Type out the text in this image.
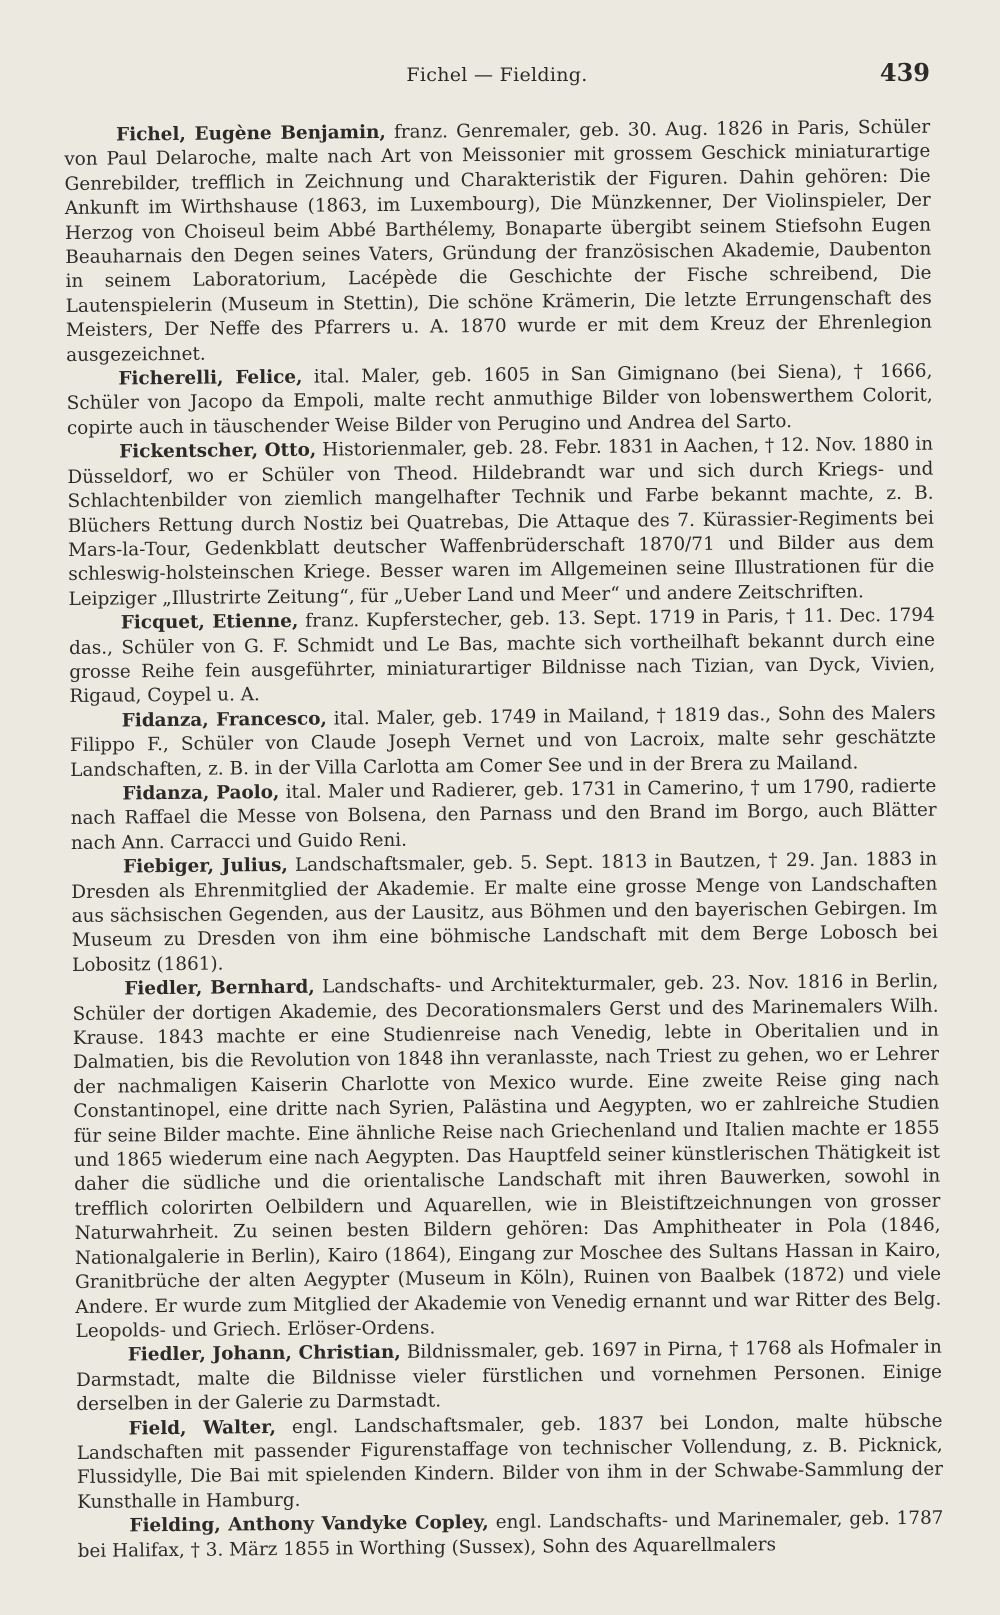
Fichel — Fielding.	439

Fichel, Eugène Benjamin, franz. Genremaler, geb. 30. Aug. 1826 in Paris, Schüler von Paul Delaroche, malte nach Art von Meissonier mit grossem Geschick miniaturartige Genrebilder, trefflich in Zeichnung und Charakteristik der Figuren. Dahin gehören: Die Ankunft im Wirthshause (1863, im Luxembourg), Die Münzkenner, Der Violinspieler, Der Herzog von Choiseul beim Abbé Barthélemy, Bonaparte übergibt seinem Stiefsohn Eugen Beauharnais den Degen seines Vaters, Gründung der französischen Akademie, Daubenton in seinem Laboratorium, Lacépède die Geschichte der Fische schreibend, Die Lautenspielerin (Museum in Stettin), Die schöne Krämerin, Die letzte Errungenschaft des Meisters, Der Neffe des Pfarrers u. A. 1870 wurde er mit dem Kreuz der Ehrenlegion ausgezeichnet.

Ficherelli, Felice, ital. Maler, geb. 1605 in San Gimignano (bei Siena), † 1666, Schüler von Jacopo da Empoli, malte recht anmuthige Bilder von lobenswerthem Colorit, copirte auch in täuschender Weise Bilder von Perugino und Andrea del Sarto.

Fickentscher, Otto, Historienmaler, geb. 28. Febr. 1831 in Aachen, † 12. Nov. 1880 in Düsseldorf, wo er Schüler von Theod. Hildebrandt war und sich durch Kriegs- und Schlachtenbilder von ziemlich mangelhafter Technik und Farbe bekannt machte, z. B. Blüchers Rettung durch Nostiz bei Quatrebas, Die Attaque des 7. Kürassier-Regiments bei Mars-la-Tour, Gedenkblatt deutscher Waffenbrüderschaft 1870/71 und Bilder aus dem schleswig-holsteinschen Kriege. Besser waren im Allgemeinen seine Illustrationen für die Leipziger „Illustrirte Zeitung“, für „Ueber Land und Meer“ und andere Zeitschriften.

Ficquet, Etienne, franz. Kupferstecher, geb. 13. Sept. 1719 in Paris, † 11. Dec. 1794 das., Schüler von G. F. Schmidt und Le Bas, machte sich vortheilhaft bekannt durch eine grosse Reihe fein ausgeführter, miniaturartiger Bildnisse nach Tizian, van Dyck, Vivien, Rigaud, Coypel u. A.

Fidanza, Francesco, ital. Maler, geb. 1749 in Mailand, † 1819 das., Sohn des Malers Filippo F., Schüler von Claude Joseph Vernet und von Lacroix, malte sehr geschätzte Landschaften, z. B. in der Villa Carlotta am Comer See und in der Brera zu Mailand.

Fidanza, Paolo, ital. Maler und Radierer, geb. 1731 in Camerino, † um 1790, radierte nach Raffael die Messe von Bolsena, den Parnass und den Brand im Borgo, auch Blätter nach Ann. Carracci und Guido Reni.

Fiebiger, Julius, Landschaftsmaler, geb. 5. Sept. 1813 in Bautzen, † 29. Jan. 1883 in Dresden als Ehrenmitglied der Akademie. Er malte eine grosse Menge von Landschaften aus sächsischen Gegenden, aus der Lausitz, aus Böhmen und den bayerischen Gebirgen. Im Museum zu Dresden von ihm eine böhmische Landschaft mit dem Berge Lobosch bei Lobositz (1861).

Fiedler, Bernhard, Landschafts- und Architekturmaler, geb. 23. Nov. 1816 in Berlin, Schüler der dortigen Akademie, des Decorationsmalers Gerst und des Marinemalers Wilh. Krause. 1843 machte er eine Studienreise nach Venedig, lebte in Oberitalien und in Dalmatien, bis die Revolution von 1848 ihn veranlasste, nach Triest zu gehen, wo er Lehrer der nachmaligen Kaiserin Charlotte von Mexico wurde. Eine zweite Reise ging nach Constantinopel, eine dritte nach Syrien, Palästina und Aegypten, wo er zahlreiche Studien für seine Bilder machte. Eine ähnliche Reise nach Griechenland und Italien machte er 1855 und 1865 wiederum eine nach Aegypten. Das Hauptfeld seiner künstlerischen Thätigkeit ist daher die südliche und die orientalische Landschaft mit ihren Bauwerken, sowohl in trefflich colorirten Oelbildern und Aquarellen, wie in Bleistiftzeichnungen von grosser Naturwahrheit. Zu seinen besten Bildern gehören: Das Amphitheater in Pola (1846, Nationalgalerie in Berlin), Kairo (1864), Eingang zur Moschee des Sultans Hassan in Kairo, Granitbrüche der alten Aegypter (Museum in Köln), Ruinen von Baalbek (1872) und viele Andere. Er wurde zum Mitglied der Akademie von Venedig ernannt und war Ritter des Belg. Leopolds- und Griech. Erlöser-Ordens.

Fiedler, Johann, Christian, Bildnissmaler, geb. 1697 in Pirna, † 1768 als Hofmaler in Darmstadt, malte die Bildnisse vieler fürstlichen und vornehmen Personen. Einige derselben in der Galerie zu Darmstadt.

Field, Walter, engl. Landschaftsmaler, geb. 1837 bei London, malte hübsche Landschaften mit passender Figurenstaffage von technischer Vollendung, z. B. Picknick, Flussidylle, Die Bai mit spielenden Kindern. Bilder von ihm in der Schwabe-Sammlung der Kunsthalle in Hamburg.

Fielding, Anthony Vandyke Copley, engl. Landschafts- und Marinemaler, geb. 1787 bei Halifax, † 3. März 1855 in Worthing (Sussex), Sohn des Aquarellmalers
